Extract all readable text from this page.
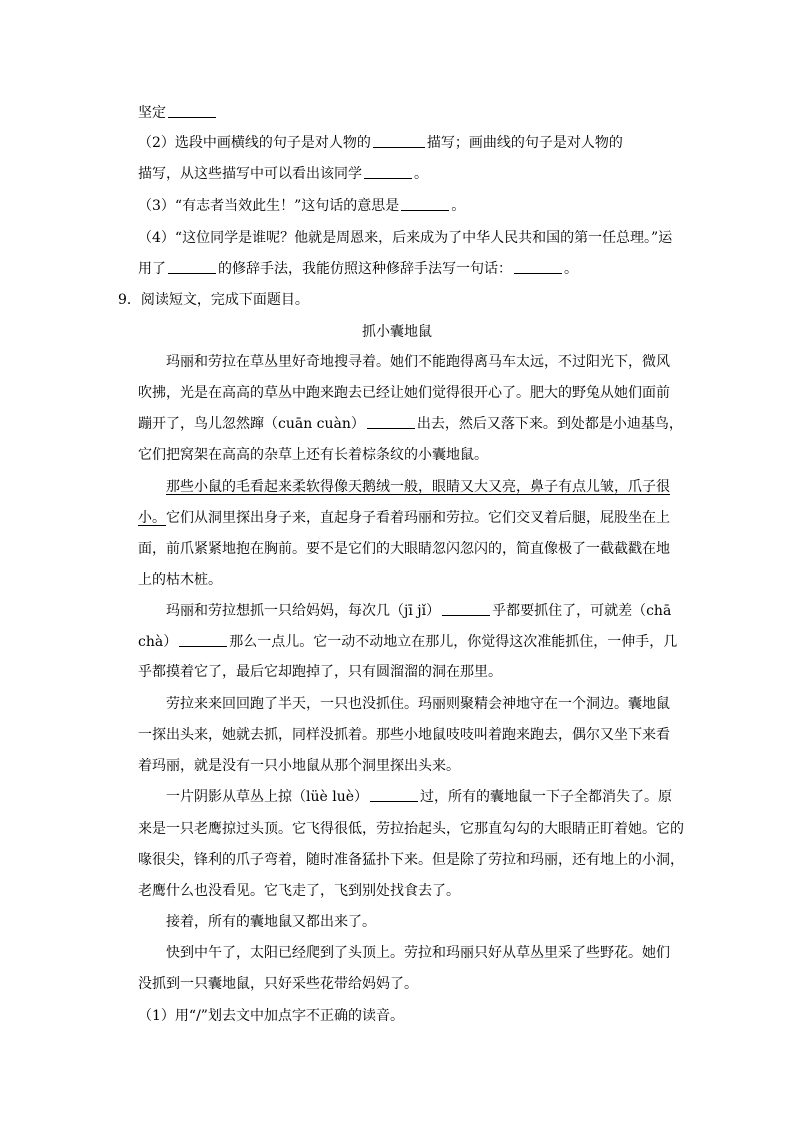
坚定
（2）选段中画横线的句子是对人物的	描写；画曲线的句子是对人物的
描写，从这些描写中可以看出该同学	。
（3）“有志者当效此生！”这句话的意思是	。
（4）“这位同学是谁呢？他就是周恩来，后来成为了中华人民共和国的第一任总理。”运
用了	的修辞手法，我能仿照这种修辞手法写一句话：	。
9．阅读短文，完成下面题目。
抓小囊地鼠
玛丽和劳拉在草丛里好奇地搜寻着。她们不能跑得离马车太远，不过阳光下，微风
吹拂，光是在高高的草丛中跑来跑去已经让她们觉得很开心了。肥大的野兔从她们面前
蹦开了，鸟儿忽然蹿（cuān cuàn）	出去，然后又落下来。到处都是小迪基鸟，
它们把窝架在高高的杂草上还有长着棕条纹的小囊地鼠。
那些小鼠的毛看起来柔软得像天鹅绒一般，眼睛又大又亮，鼻子有点儿皱，爪子很
小。它们从洞里探出身子来，直起身子看着玛丽和劳拉。它们交叉着后腿，屁股坐在上
面，前爪紧紧地抱在胸前。要不是它们的大眼睛忽闪忽闪的，简直像极了一截截戳在地
上的枯木桩。
玛丽和劳拉想抓一只给妈妈，每次几（jī jǐ）	乎都要抓住了，可就差（chā
chà）	那么一点儿。它一动不动地立在那儿，你觉得这次准能抓住，一伸手，几
乎都摸着它了，最后它却跑掉了，只有圆溜溜的洞在那里。
劳拉来来回回跑了半天，一只也没抓住。玛丽则聚精会神地守在一个洞边。囊地鼠
一探出头来，她就去抓，同样没抓着。那些小地鼠吱吱叫着跑来跑去，偶尔又坐下来看
着玛丽，就是没有一只小地鼠从那个洞里探出头来。
一片阴影从草丛上掠（lüè luè）	过，所有的囊地鼠一下子全都消失了。原
来是一只老鹰掠过头顶。它飞得很低，劳拉抬起头，它那直勾勾的大眼睛正盯着她。它的
喙很尖，锋利的爪子弯着，随时准备猛扑下来。但是除了劳拉和玛丽，还有地上的小洞，
老鹰什么也没看见。它飞走了，飞到别处找食去了。
接着，所有的囊地鼠又都出来了。
快到中午了，太阳已经爬到了头顶上。劳拉和玛丽只好从草丛里采了些野花。她们
没抓到一只囊地鼠，只好采些花带给妈妈了。
（1）用“/”划去文中加点字不正确的读音。
